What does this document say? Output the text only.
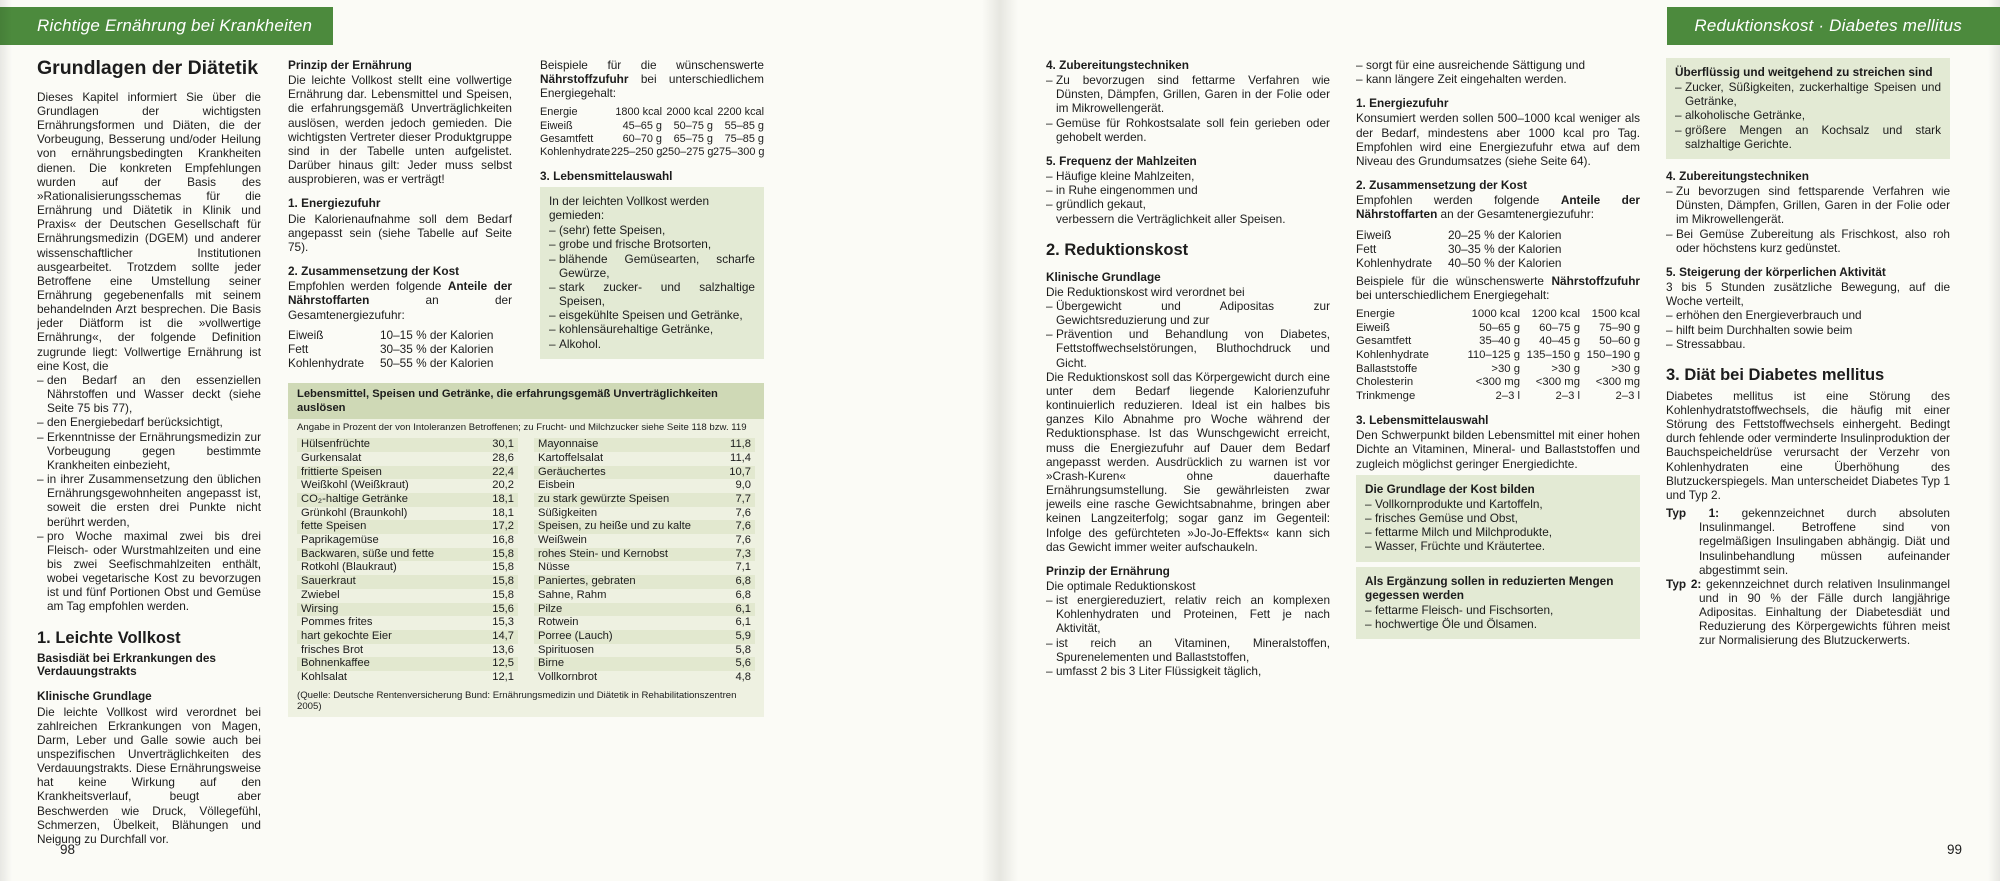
Richtige Ernährung bei Krankheiten
Grundlagen der Diätetik

Dieses Kapitel informiert Sie über die Grundlagen der wichtigsten Ernährungsformen und Diäten, die der Vorbeugung, Besserung und/oder Heilung von ernährungsbedingten Krankheiten dienen. Die konkreten Empfehlungen wurden auf der Basis des »Rationalisierungsschemas für die Ernährung und Diätetik in Klinik und Praxis« der Deutschen Gesellschaft für Ernährungsmedizin (DGEM) und anderer wissenschaftlicher Institutionen ausgearbeitet. Trotzdem sollte jeder Betroffene eine Umstellung seiner Ernährung gegebenenfalls mit seinem behandelnden Arzt besprechen. Die Basis jeder Diätform ist die »vollwertige Ernährung«, der folgende Definition zugrunde liegt: Vollwertige Ernährung ist eine Kost, die

– den Bedarf an den essenziellen Nährstoffen und Wasser deckt (siehe Seite 75 bis 77),
– den Energiebedarf berücksichtigt,
– Erkenntnisse der Ernährungsmedizin zur Vorbeugung gegen bestimmte Krankheiten einbezieht,
– in ihrer Zusammensetzung den üblichen Ernährungsgewohnheiten angepasst ist, soweit die ersten drei Punkte nicht berührt werden,
– pro Woche maximal zwei bis drei Fleisch- oder Wurstmahlzeiten und eine bis zwei Seefischmahlzeiten enthält, wobei vegetarische Kost zu bevorzugen ist und fünf Portionen Obst und Gemüse am Tag empfohlen werden.
1. Leichte Vollkost
Basisdiät bei Erkrankungen des Verdauungstrakts
Klinische Grundlage

Die leichte Vollkost wird verordnet bei zahlreichen Erkrankungen von Magen, Darm, Leber und Galle sowie auch bei unspezifischen Unverträglichkeiten des Verdauungstrakts. Diese Ernährungsweise hat keine Wirkung auf den Krankheitsverlauf, beugt aber Beschwerden wie Druck, Völlegefühl, Schmerzen, Übelkeit, Blähungen und Neigung zu Durchfall vor.

Prinzip der Ernährung

Die leichte Vollkost stellt eine vollwertige Ernährung dar. Lebensmittel und Speisen, die erfahrungsgemäß Unverträglichkeiten auslösen, werden jedoch gemieden. Die wichtigsten Vertreter dieser Produktgruppe sind in der Tabelle unten aufgelistet. Darüber hinaus gilt: Jeder muss selbst ausprobieren, was er verträgt!

1. Energiezufuhr

Die Kalorienaufnahme soll dem Bedarf angepasst sein (siehe Tabelle auf Seite 75).

2. Zusammensetzung der Kost

Empfohlen werden folgende Anteile der Nährstoffarten an der Gesamtenergiezufuhr:

Eiweiß	10–15 % der Kalorien
Fett	30–35 % der Kalorien
Kohlenhydrate	50–55 % der Kalorien

Beispiele für die wünschenswerte Nährstoffzufuhr bei unterschiedlichem Energiegehalt:

Energie	1800 kcal 2000 kcal 2200 kcal
Eiweiß	45–65 g	50–75 g	55–85 g
Gesamtfett	60–70 g	65–75 g	75–85 g
Kohlenhydrate 225–250 g 250–275 g 275–300 g
3. Lebensmittelauswahl
In der leichten Vollkost werden gemieden:
– (sehr) fette Speisen,
– grobe und frische Brotsorten,
– blähende Gemüsearten, scharfe Gewürze,
– stark zucker- und salzhaltige Speisen,
– eisgekühlte Speisen und Getränke,
– kohlensäurehaltige Getränke,
– Alkohol.
Lebensmittel, Speisen und Getränke, die erfahrungsgemäß Unverträglichkeiten auslösen
Angabe in Prozent der von Intoleranzen Betroffenen; zu Frucht- und Milchzucker siehe Seite 118 bzw. 119
Hülsenfrüchte	30,1
Gurkensalat	28,6
frittierte Speisen	22,4
Weißkohl (Weißkraut)	20,2
CO₂-haltige Getränke	18,1
Grünkohl (Braunkohl)	18,1
fette Speisen	17,2
Paprikagemüse	16,8
Backwaren, süße und fette	15,8
Rotkohl (Blaukraut)	15,8
Sauerkraut	15,8
Zwiebel	15,8
Wirsing	15,6
Pommes frites	15,3
hart gekochte Eier	14,7
frisches Brot	13,6
Bohnenkaffee	12,5
Kohlsalat	12,1
Mayonnaise	11,8
Kartoffelsalat	11,4
Geräuchertes	10,7
Eisbein	9,0
zu stark gewürzte Speisen	7,7
Süßigkeiten	7,6
Speisen, zu heiße und zu kalte	7,6
Weißwein	7,6
rohes Stein- und Kernobst	7,3
Nüsse	7,1
Paniertes, gebraten	6,8
Sahne, Rahm	6,8
Pilze	6,1
Rotwein	6,1
Porree (Lauch)	5,9
Spirituosen	5,8
Birne	5,6
Vollkornbrot	4,8
(Quelle: Deutsche Rentenversicherung Bund: Ernährungsmedizin und Diätetik in Rehabilitationszentren 2005)
98
Reduktionskost · Diabetes mellitus
4. Zubereitungstechniken
– Zu bevorzugen sind fettarme Verfahren wie Dünsten, Dämpfen, Grillen, Garen in der Folie oder im Mikrowellengerät.
– Gemüse für Rohkostsalate soll fein gerieben oder gehobelt werden.
5. Frequenz der Mahlzeiten
– Häufige kleine Mahlzeiten,
– in Ruhe eingenommen und
– gründlich gekaut,
verbessern die Verträglichkeit aller Speisen.
2. Reduktionskost
Klinische Grundlage
Die Reduktionskost wird verordnet bei
– Übergewicht und Adipositas zur Gewichtsreduzierung und zur
– Prävention und Behandlung von Diabetes, Fettstoffwechselstörungen, Bluthochdruck und Gicht.

Die Reduktionskost soll das Körpergewicht durch eine unter dem Bedarf liegende Kalorienzufuhr kontinuierlich reduzieren. Ideal ist ein halbes bis ganzes Kilo Abnahme pro Woche während der Reduktionsphase. Ist das Wunschgewicht erreicht, muss die Energiezufuhr auf Dauer dem Bedarf angepasst werden. Ausdrücklich zu warnen ist vor »Crash-Kuren« ohne dauerhafte Ernährungsumstellung. Sie gewährleisten zwar jeweils eine rasche Gewichtsabnahme, bringen aber keinen Langzeiterfolg; sogar ganz im Gegenteil: Infolge des gefürchteten »Jo-Jo-Effekts« kann sich das Gewicht immer weiter aufschaukeln.

Prinzip der Ernährung
Die optimale Reduktionskost
– ist energiereduziert, relativ reich an komplexen Kohlenhydraten und Proteinen, Fett je nach Aktivität,
– ist reich an Vitaminen, Mineralstoffen, Spurenelementen und Ballaststoffen,
– umfasst 2 bis 3 Liter Flüssigkeit täglich,
– sorgt für eine ausreichende Sättigung und
– kann längere Zeit eingehalten werden.
1. Energiezufuhr

Konsumiert werden sollen 500–1000 kcal weniger als der Bedarf, mindestens aber 1000 kcal pro Tag. Empfohlen wird eine Energiezufuhr etwa auf dem Niveau des Grundumsatzes (siehe Seite 64).

2. Zusammensetzung der Kost

Empfohlen werden folgende Anteile der Nährstoffarten an der Gesamtenergiezufuhr:

Eiweiß	20–25 % der Kalorien
Fett	30–35 % der Kalorien
Kohlenhydrate	40–50 % der Kalorien

Beispiele für die wünschenswerte Nährstoffzufuhr bei unterschiedlichem Energiegehalt:

Energie	1000 kcal	1200 kcal	1500 kcal
Eiweiß	50–65 g	60–75 g	75–90 g
Gesamtfett	35–40 g	40–45 g	50–60 g
Kohlenhydrate	110–125 g 135–150 g 150–190 g
Ballaststoffe	>30 g	>30 g	>30 g
Cholesterin	<300 mg	<300 mg	<300 mg
Trinkmenge	2–3 l	2–3 l	2–3 l
3. Lebensmittelauswahl

Den Schwerpunkt bilden Lebensmittel mit einer hohen Dichte an Vitaminen, Mineral- und Ballaststoffen und zugleich möglichst geringer Energiedichte.

Die Grundlage der Kost bilden
– Vollkornprodukte und Kartoffeln,
– frisches Gemüse und Obst,
– fettarme Milch und Milchprodukte,
– Wasser, Früchte und Kräutertee.
Als Ergänzung sollen in reduzierten Mengen gegessen werden
– fettarme Fleisch- und Fischsorten,
– hochwertige Öle und Ölsamen.
Überflüssig und weitgehend zu streichen sind
– Zucker, Süßigkeiten, zuckerhaltige Speisen und Getränke,
– alkoholische Getränke,
– größere Mengen an Kochsalz und stark salzhaltige Gerichte.
4. Zubereitungstechniken
– Zu bevorzugen sind fettsparende Verfahren wie Dünsten, Dämpfen, Grillen, Garen in der Folie oder im Mikrowellengerät.
– Bei Gemüse Zubereitung als Frischkost, also roh oder höchstens kurz gedünstet.
5. Steigerung der körperlichen Aktivität
3 bis 5 Stunden zusätzliche Bewegung, auf die Woche verteilt,
– erhöhen den Energieverbrauch und
– hilft beim Durchhalten sowie beim
– Stressabbau.
3. Diät bei Diabetes mellitus

Diabetes mellitus ist eine Störung des Kohlenhydratstoffwechsels, die häufig mit einer Störung des Fettstoffwechsels einhergeht. Bedingt durch fehlende oder verminderte Insulinproduktion der Bauchspeicheldrüse verursacht der Verzehr von Kohlenhydraten eine Überhöhung des Blutzuckerspiegels. Man unterscheidet Diabetes Typ 1 und Typ 2.

Typ 1: gekennzeichnet durch absoluten Insulinmangel. Betroffene sind von regelmäßigen Insulingaben abhängig. Diät und Insulinbehandlung müssen aufeinander abgestimmt sein.

Typ 2: gekennzeichnet durch relativen Insulinmangel und in 90 % der Fälle durch langjährige Adipositas. Einhaltung der Diabetesdiät und Reduzierung des Körpergewichts führen meist zur Normalisierung des Blutzuckerwerts.

99
